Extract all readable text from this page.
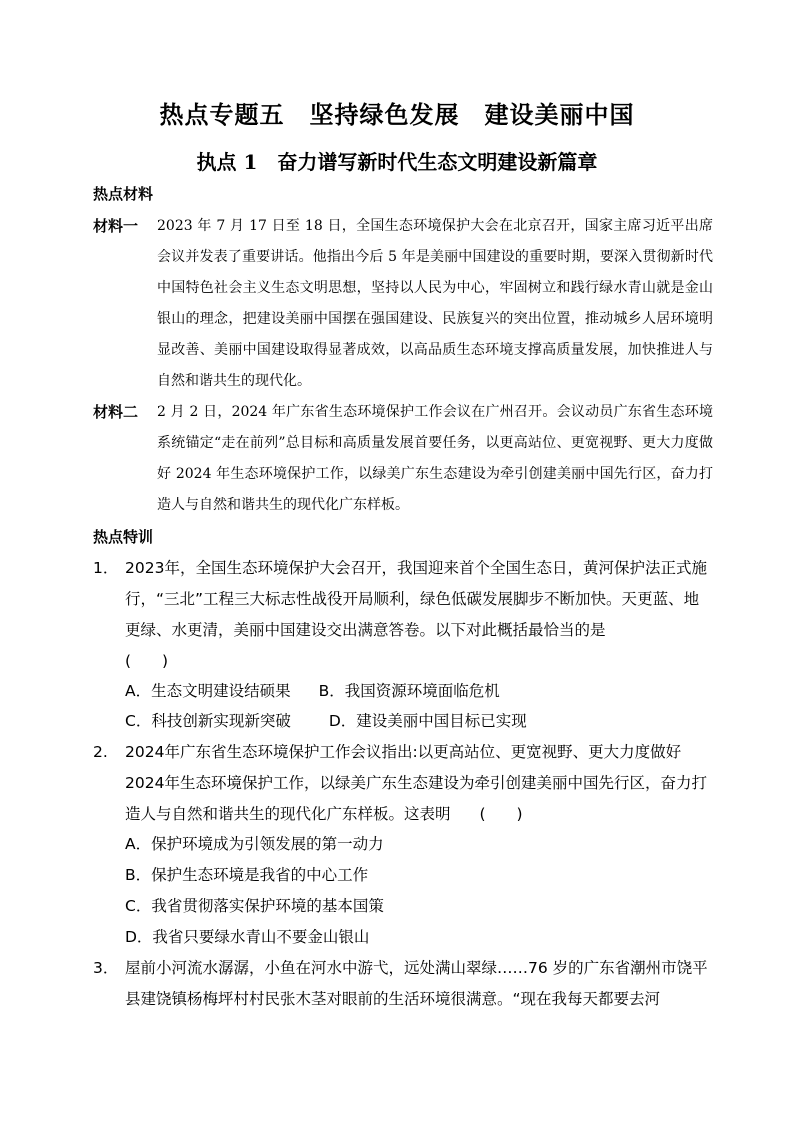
热点专题五　坚持绿色发展　建设美丽中国
执点 1　奋力谱写新时代生态文明建设新篇章
热点材料
材料一 2023 年 7 月 17 日至 18 日，全国生态环境保护大会在北京召开，国家主席习近平出席会议并发表了重要讲话。他指出今后 5 年是美丽中国建设的重要时期，要深入贯彻新时代中国特色社会主义生态文明思想，坚持以人民为中心，牢固树立和践行绿水青山就是金山银山的理念，把建设美丽中国摆在强国建设、民族复兴的突出位置，推动城乡人居环境明显改善、美丽中国建设取得显著成效，以高品质生态环境支撑高质量发展，加快推进人与自然和谐共生的现代化。
材料二 2 月 2 日，2024 年广东省生态环境保护工作会议在广州召开。会议动员广东省生态环境系统锚定“走在前列”总目标和高质量发展首要任务，以更高站位、更宽视野、更大力度做好 2024 年生态环境保护工作，以绿美广东生态建设为牵引创建美丽中国先行区，奋力打造人与自然和谐共生的现代化广东样板。
热点特训
1． 2023年，全国生态环境保护大会召开，我国迎来首个全国生态日，黄河保护法正式施行，“三北”工程三大标志性战役开局顺利，绿色低碳发展脚步不断加快。天更蓝、地更绿、水更清，美丽中国建设交出满意答卷。以下对此概括最恰当的是
(　　)
A．生态文明建设结硕果 B．我国资源环境面临危机
C．科技创新实现新突破 D．建设美丽中国目标已实现
2. 2024年广东省生态环境保护工作会议指出:以更高站位、更宽视野、更大力度做好 2024年生态环境保护工作，以绿美广东生态建设为牵引创建美丽中国先行区，奋力打造人与自然和谐共生的现代化广东样板。这表明 (　　)
A．保护环境成为引领发展的第一动力
B．保护生态环境是我省的中心工作
C．我省贯彻落实保护环境的基本国策
D．我省只要绿水青山不要金山银山
3． 屋前小河流水潺潺，小鱼在河水中游弋，远处满山翠绿……76 岁的广东省潮州市饶平县建饶镇杨梅坪村村民张木茎对眼前的生活环境很满意。“现在我每天都要去河
